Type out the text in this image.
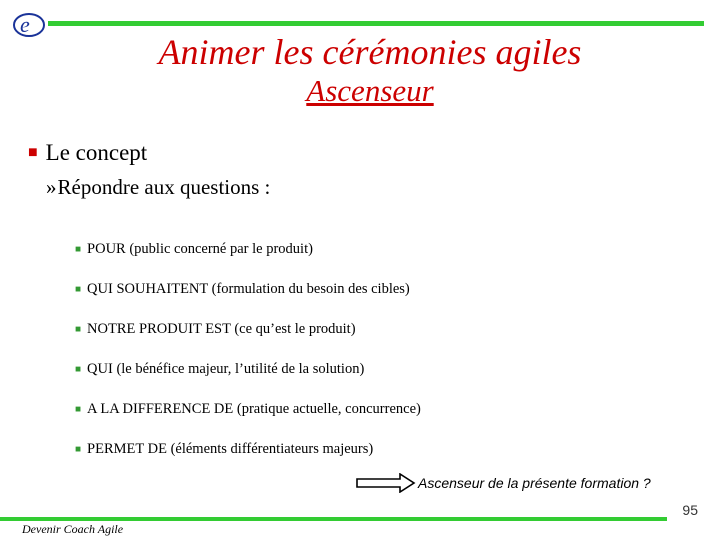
e
Animer les cérémonies agiles
Ascenseur
■ Le concept
» Répondre aux questions :
■ POUR (public concerné par le produit)
■ QUI SOUHAITENT (formulation du besoin des cibles)
■ NOTRE PRODUIT EST (ce qu’est le produit)
■ QUI (le bénéfice majeur, l’utilité de la solution)
■ A LA DIFFERENCE DE (pratique actuelle, concurrence)
■ PERMET DE (éléments différentiateurs majeurs)
Ascenseur de la présente formation ?
95
Devenir Coach Agile
